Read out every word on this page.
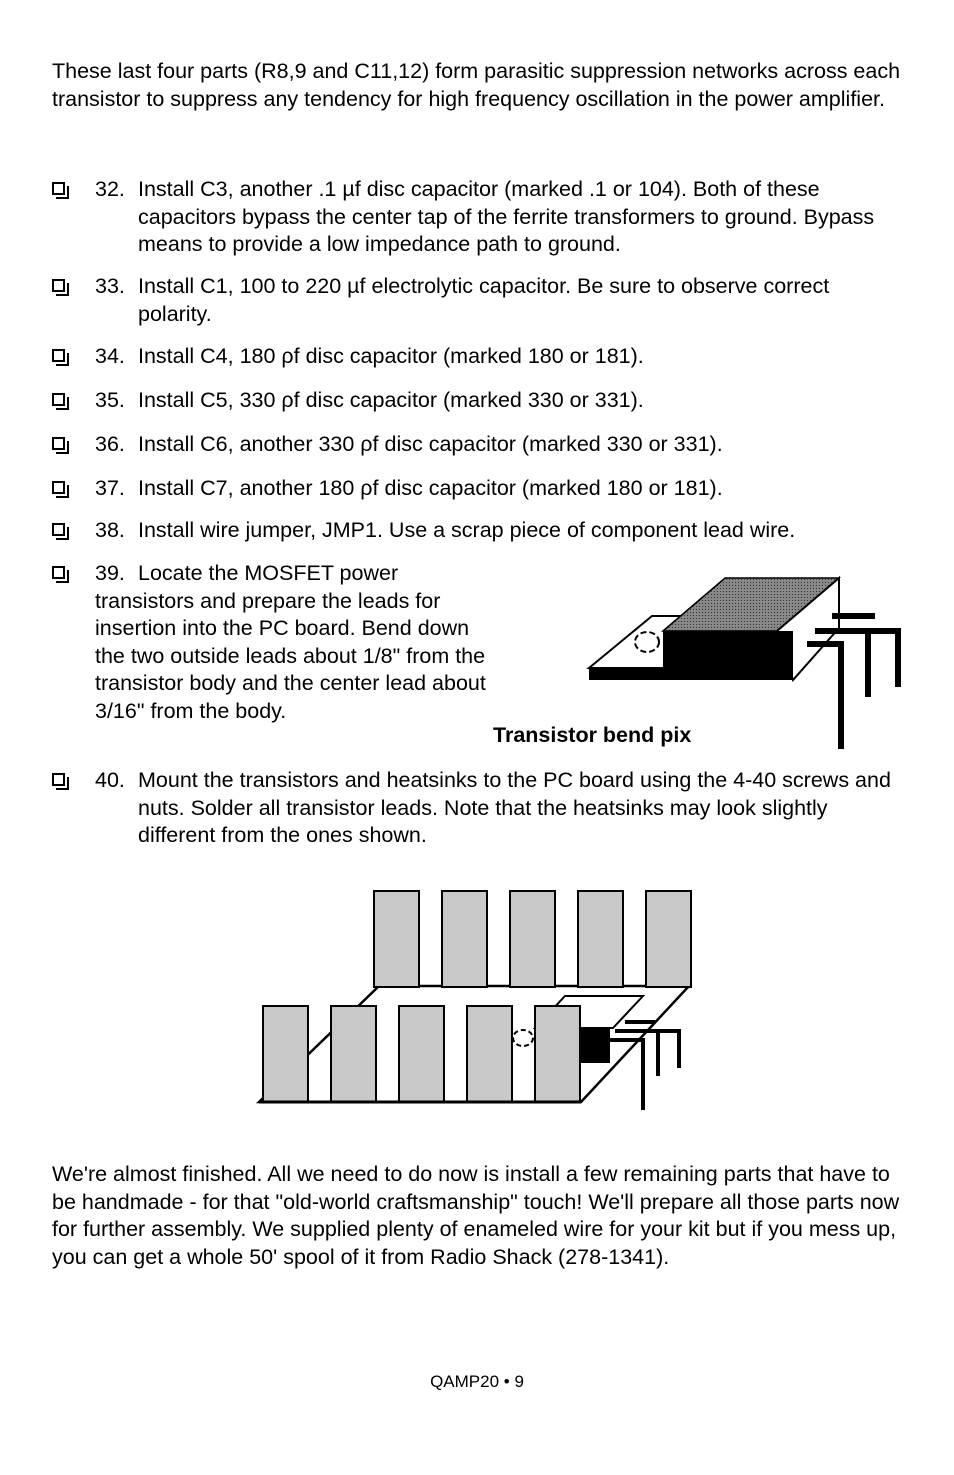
These last four parts (R8,9 and C11,12) form parasitic suppression networks across each transistor to suppress any tendency for high frequency oscillation in the power amplifier.

32. Install C3, another .1 µf disc capacitor (marked .1 or 104). Both of these capacitors bypass the center tap of the ferrite transformers to ground. Bypass means to provide a low impedance path to ground.
33. Install C1, 100 to 220 µf electrolytic capacitor. Be sure to observe correct polarity.
34. Install C4, 180 ρf disc capacitor (marked 180 or 181).
35. Install C5, 330 ρf disc capacitor (marked 330 or 331).
36. Install C6, another 330 ρf disc capacitor (marked 330 or 331).
37. Install C7, another 180 ρf disc capacitor (marked 180 or 181).
38. Install wire jumper, JMP1. Use a scrap piece of component lead wire.
39. Locate the MOSFET power transistors and prepare the leads for insertion into the PC board. Bend down the two outside leads about 1/8" from the transistor body and the center lead about 3/16" from the body.
Transistor bend pix
40. Mount the transistors and heatsinks to the PC board using the 4-40 screws and nuts. Solder all transistor leads. Note that the heatsinks may look slightly different from the ones shown.

We're almost finished. All we need to do now is install a few remaining parts that have to be handmade - for that "old-world craftsmanship" touch! We'll prepare all those parts now for further assembly. We supplied plenty of enameled wire for your kit but if you mess up, you can get a whole 50' spool of it from Radio Shack (278-1341).

QAMP20 • 9
